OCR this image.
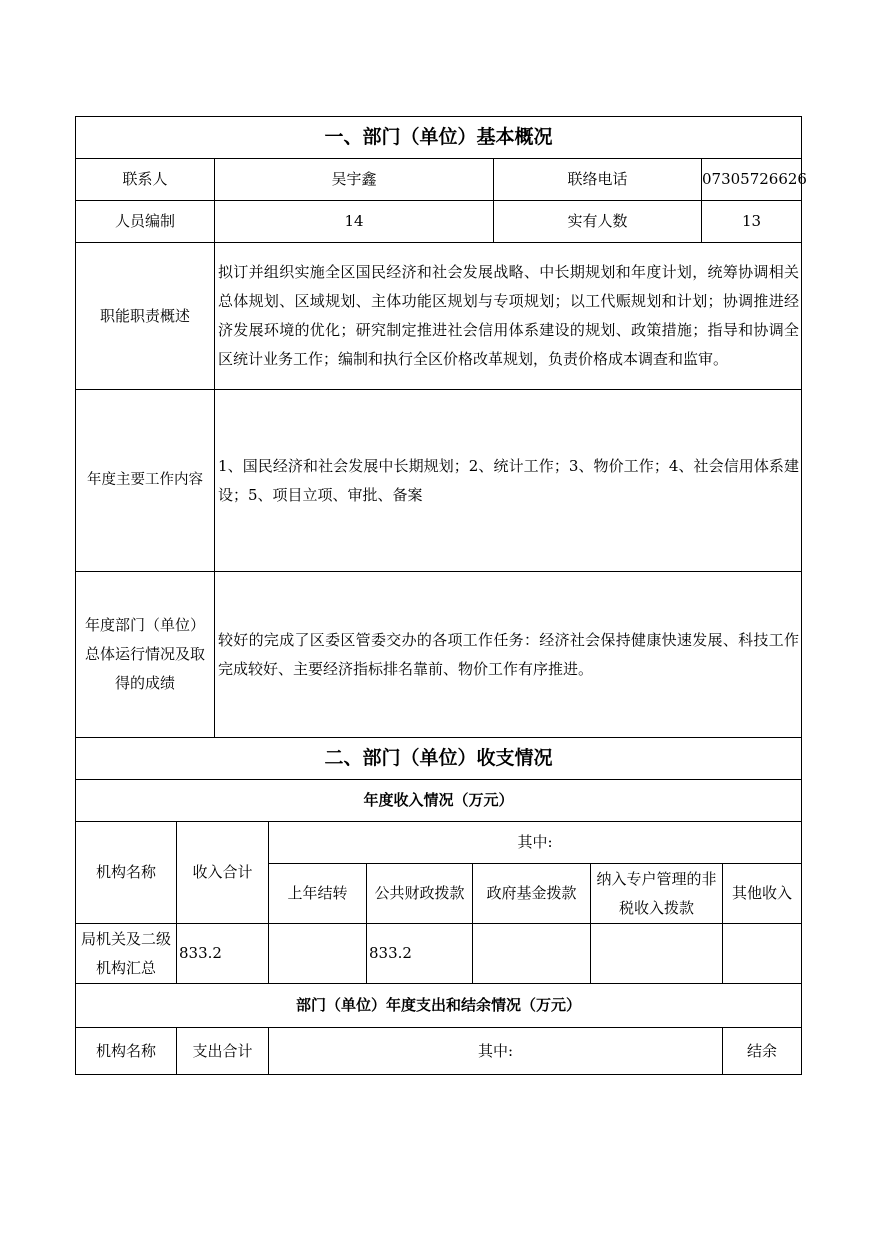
一、部门（单位）基本概况			
联系人	吴宇鑫	联络电话	07305726626
人员编制	14	实有人数	13
职能职责概述	拟订并组织实施全区国民经济和社会发展战略、中长期规划和年度计划，统筹协调相关总体规划、区域规划、主体功能区规划与专项规划；以工代赈规划和计划；协调推进经济发展环境的优化；研究制定推进社会信用体系建设的规划、政策措施；指导和协调全区统计业务工作；编制和执行全区价格改革规划，负责价格成本调查和监审。		
年度主要工作内容	1、国民经济和社会发展中长期规划；2、统计工作；3、物价工作；4、社会信用体系建设；5、项目立项、审批、备案		
年度部门（单位）总体运行情况及取得的成绩	较好的完成了区委区管委交办的各项工作任务：经济社会保持健康快速发展、科技工作完成较好、主要经济指标排名靠前、物价工作有序推进。		
二、部门（单位）收支情况						
年度收入情况（万元）						
机构名称	收入合计	其中:				
		上年结转	公共财政拨款	政府基金拨款	纳入专户管理的非税收入拨款	其他收入
局机关及二级机构汇总	833.2		833.2			
部门（单位）年度支出和结余情况（万元）						
机构名称	支出合计	其中:				结余
